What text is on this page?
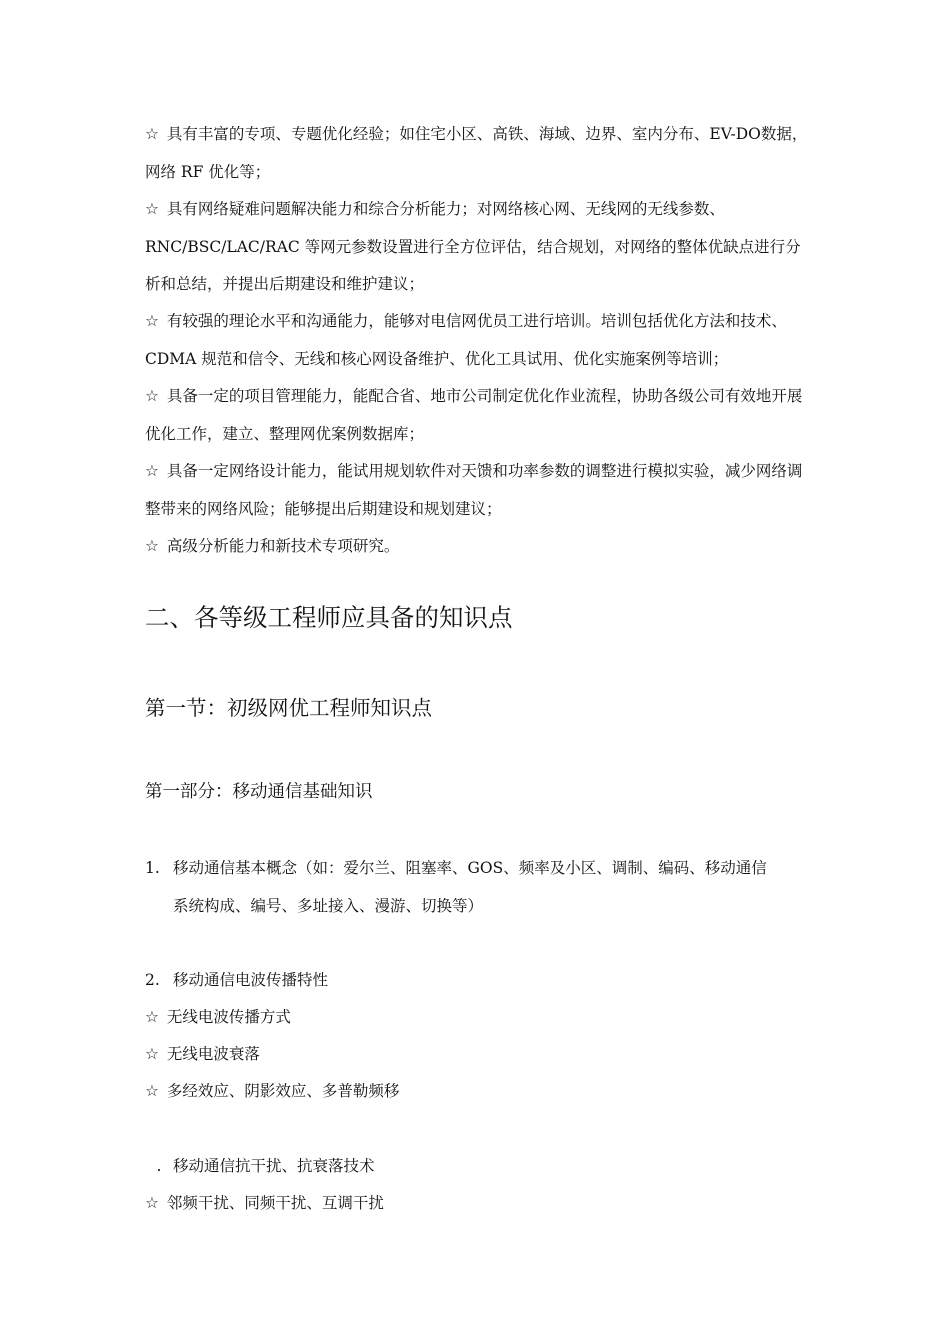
☆ 具有丰富的专项、专题优化经验；如住宅小区、高铁、海域、边界、室内分布、EV-DO数据，网络 RF 优化等；
☆ 具有网络疑难问题解决能力和综合分析能力；对网络核心网、无线网的无线参数、RNC/BSC/LAC/RAC 等网元参数设置进行全方位评估，结合规划，对网络的整体优缺点进行分析和总结，并提出后期建设和维护建议；
☆ 有较强的理论水平和沟通能力，能够对电信网优员工进行培训。培训包括优化方法和技术、CDMA 规范和信令、无线和核心网设备维护、优化工具试用、优化实施案例等培训；
☆ 具备一定的项目管理能力，能配合省、地市公司制定优化作业流程，协助各级公司有效地开展优化工作，建立、整理网优案例数据库；
☆ 具备一定网络设计能力，能试用规划软件对天馈和功率参数的调整进行模拟实验，减少网络调整带来的网络风险；能够提出后期建设和规划建议；
☆ 高级分析能力和新技术专项研究。
二、各等级工程师应具备的知识点
第一节：初级网优工程师知识点
第一部分：移动通信基础知识
1. 移动通信基本概念（如：爱尔兰、阻塞率、GOS、频率及小区、调制、编码、移动通信
系统构成、编号、多址接入、漫游、切换等）
2. 移动通信电波传播特性
☆ 无线电波传播方式
☆ 无线电波衰落
☆ 多经效应、阴影效应、多普勒频移
. 移动通信抗干扰、抗衰落技术
☆ 邻频干扰、同频干扰、互调干扰
